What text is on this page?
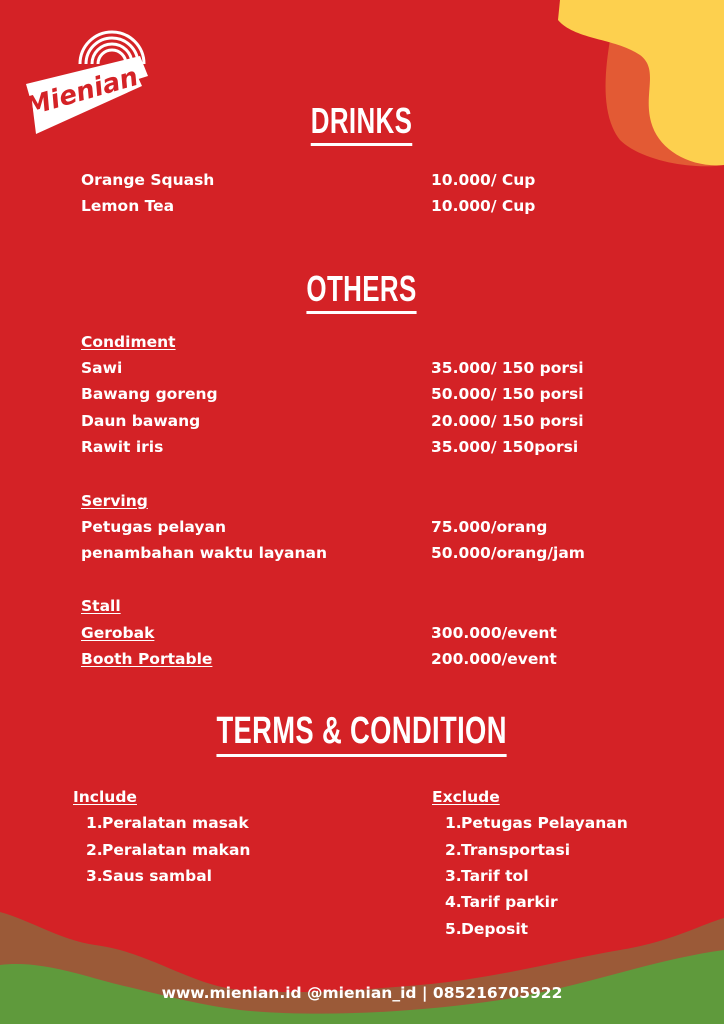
Mienian	DRINKS
Orange Squash	10.000/ Cup
Lemon Tea	10.000/ Cup
OTHERS
Condiment
Sawi	35.000/ 150 porsi
Bawang goreng	50.000/ 150 porsi
Daun bawang	20.000/ 150 porsi
Rawit iris	35.000/ 150porsi
Serving
Petugas pelayan	75.000/orang
penambahan waktu layanan	50.000/orang/jam
Stall
Gerobak	300.000/event
Booth Portable	200.000/event
TERMS & CONDITION
Include
1.Peralatan masak
2.Peralatan makan
3.Saus sambal
Exclude
1.Petugas Pelayanan
2.Transportasi
3.Tarif tol
4.Tarif parkir
5.Deposit
www.mienian.id @mienian_id | 085216705922
